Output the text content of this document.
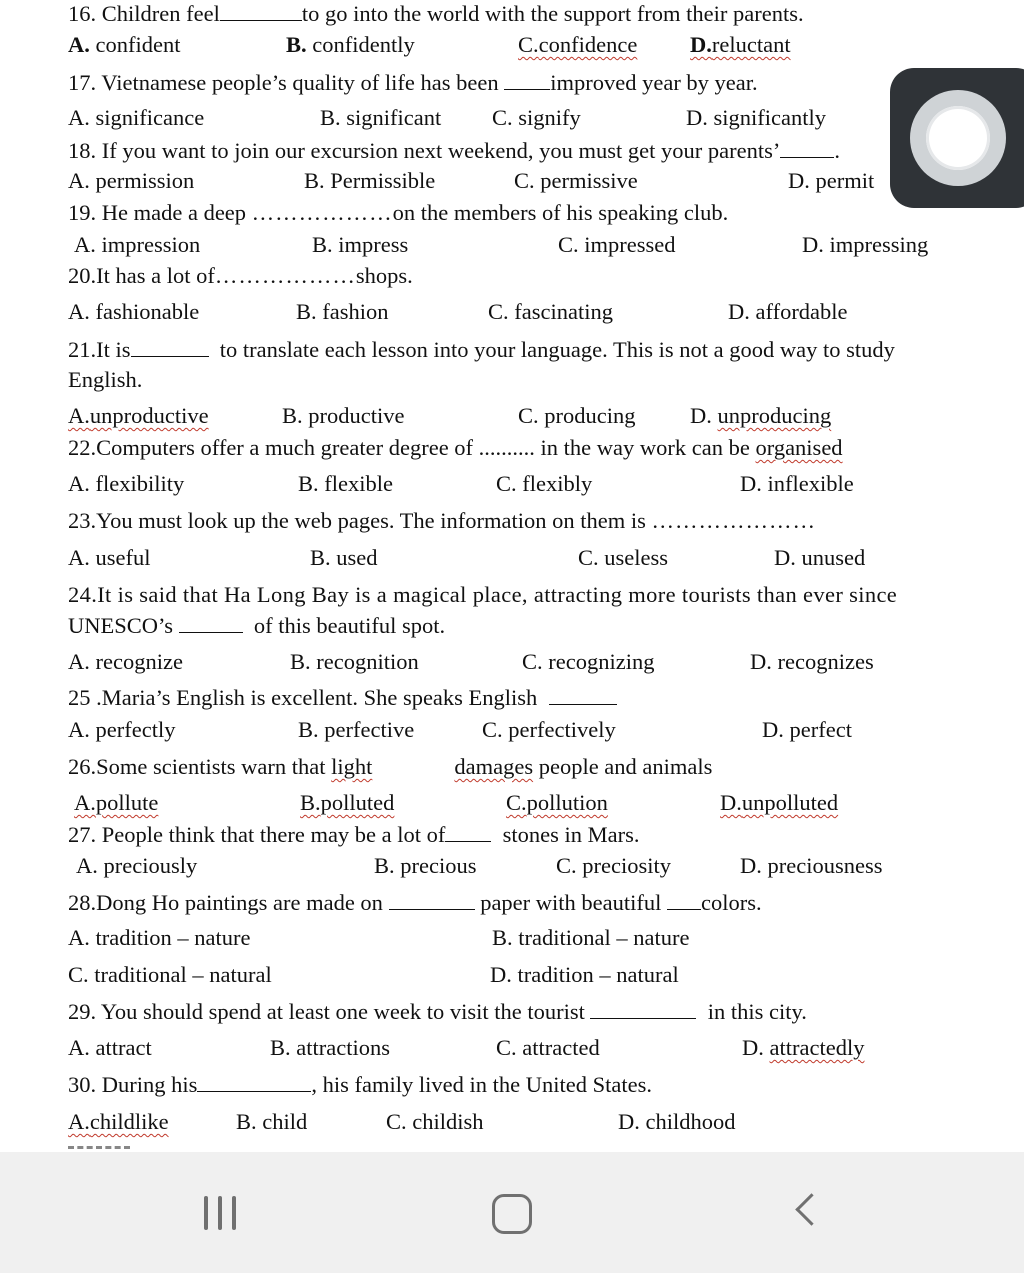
16. Children feel	to go into the world with the support from their parents.
A. confident	B. confidently	C.confidence D.reluctant
17. Vietnamese people’s quality of life has been improved year by year.
A. significance	B. significant C. signify	D. significantly
18. If you want to join our excursion next weekend, you must get your parents’ .
A. permission	B. Permissible	C. permissive	D. permit
19. He made a deep ………………on the members of his speaking club.
A. impression	B. impress	C. impressed	D. impressing
20.It has a lot of………………shops.
A. fashionable	B. fashion	C. fascinating	D. affordable
21.It is	to translate each lesson into your language. This is not a good way to study
English.
A.unproductive	B. productive	C. producing D. unproducing
22.Computers offer a much greater degree of .......... in the way work can be organised
A. flexibility	B. flexible	C. flexibly	D. inflexible
23.You must look up the web pages. The information on them is …………………
A. useful	B. used	C. useless	D. unused
24.It is said that Ha Long Bay is a magical place, attracting more tourists than ever since
UNESCO’s	of this beautiful spot.
A. recognize	B. recognition	C. recognizing	D. recognizes
25 .Maria’s English is excellent. She speaks English
A. perfectly	B. perfective	C. perfectively	D. perfect
26.Some scientists warn that light	damages people and animals
A.pollute	B.polluted	C.pollution	D.unpolluted
27. People think that there may be a lot of	stones in Mars.
A. preciously	B. precious	C. preciosity	D. preciousness
28.Dong Ho paintings are made on	paper with beautiful colors.
A. tradition – nature	B. traditional – nature
C. traditional – natural	D. tradition – natural
29. You should spend at least one week to visit the tourist	in this city.
A. attract	B. attractions	C. attracted	D. attractedly
30. During his	, his family lived in the United States.
A.childlike	B. child	C. childish	D. childhood
